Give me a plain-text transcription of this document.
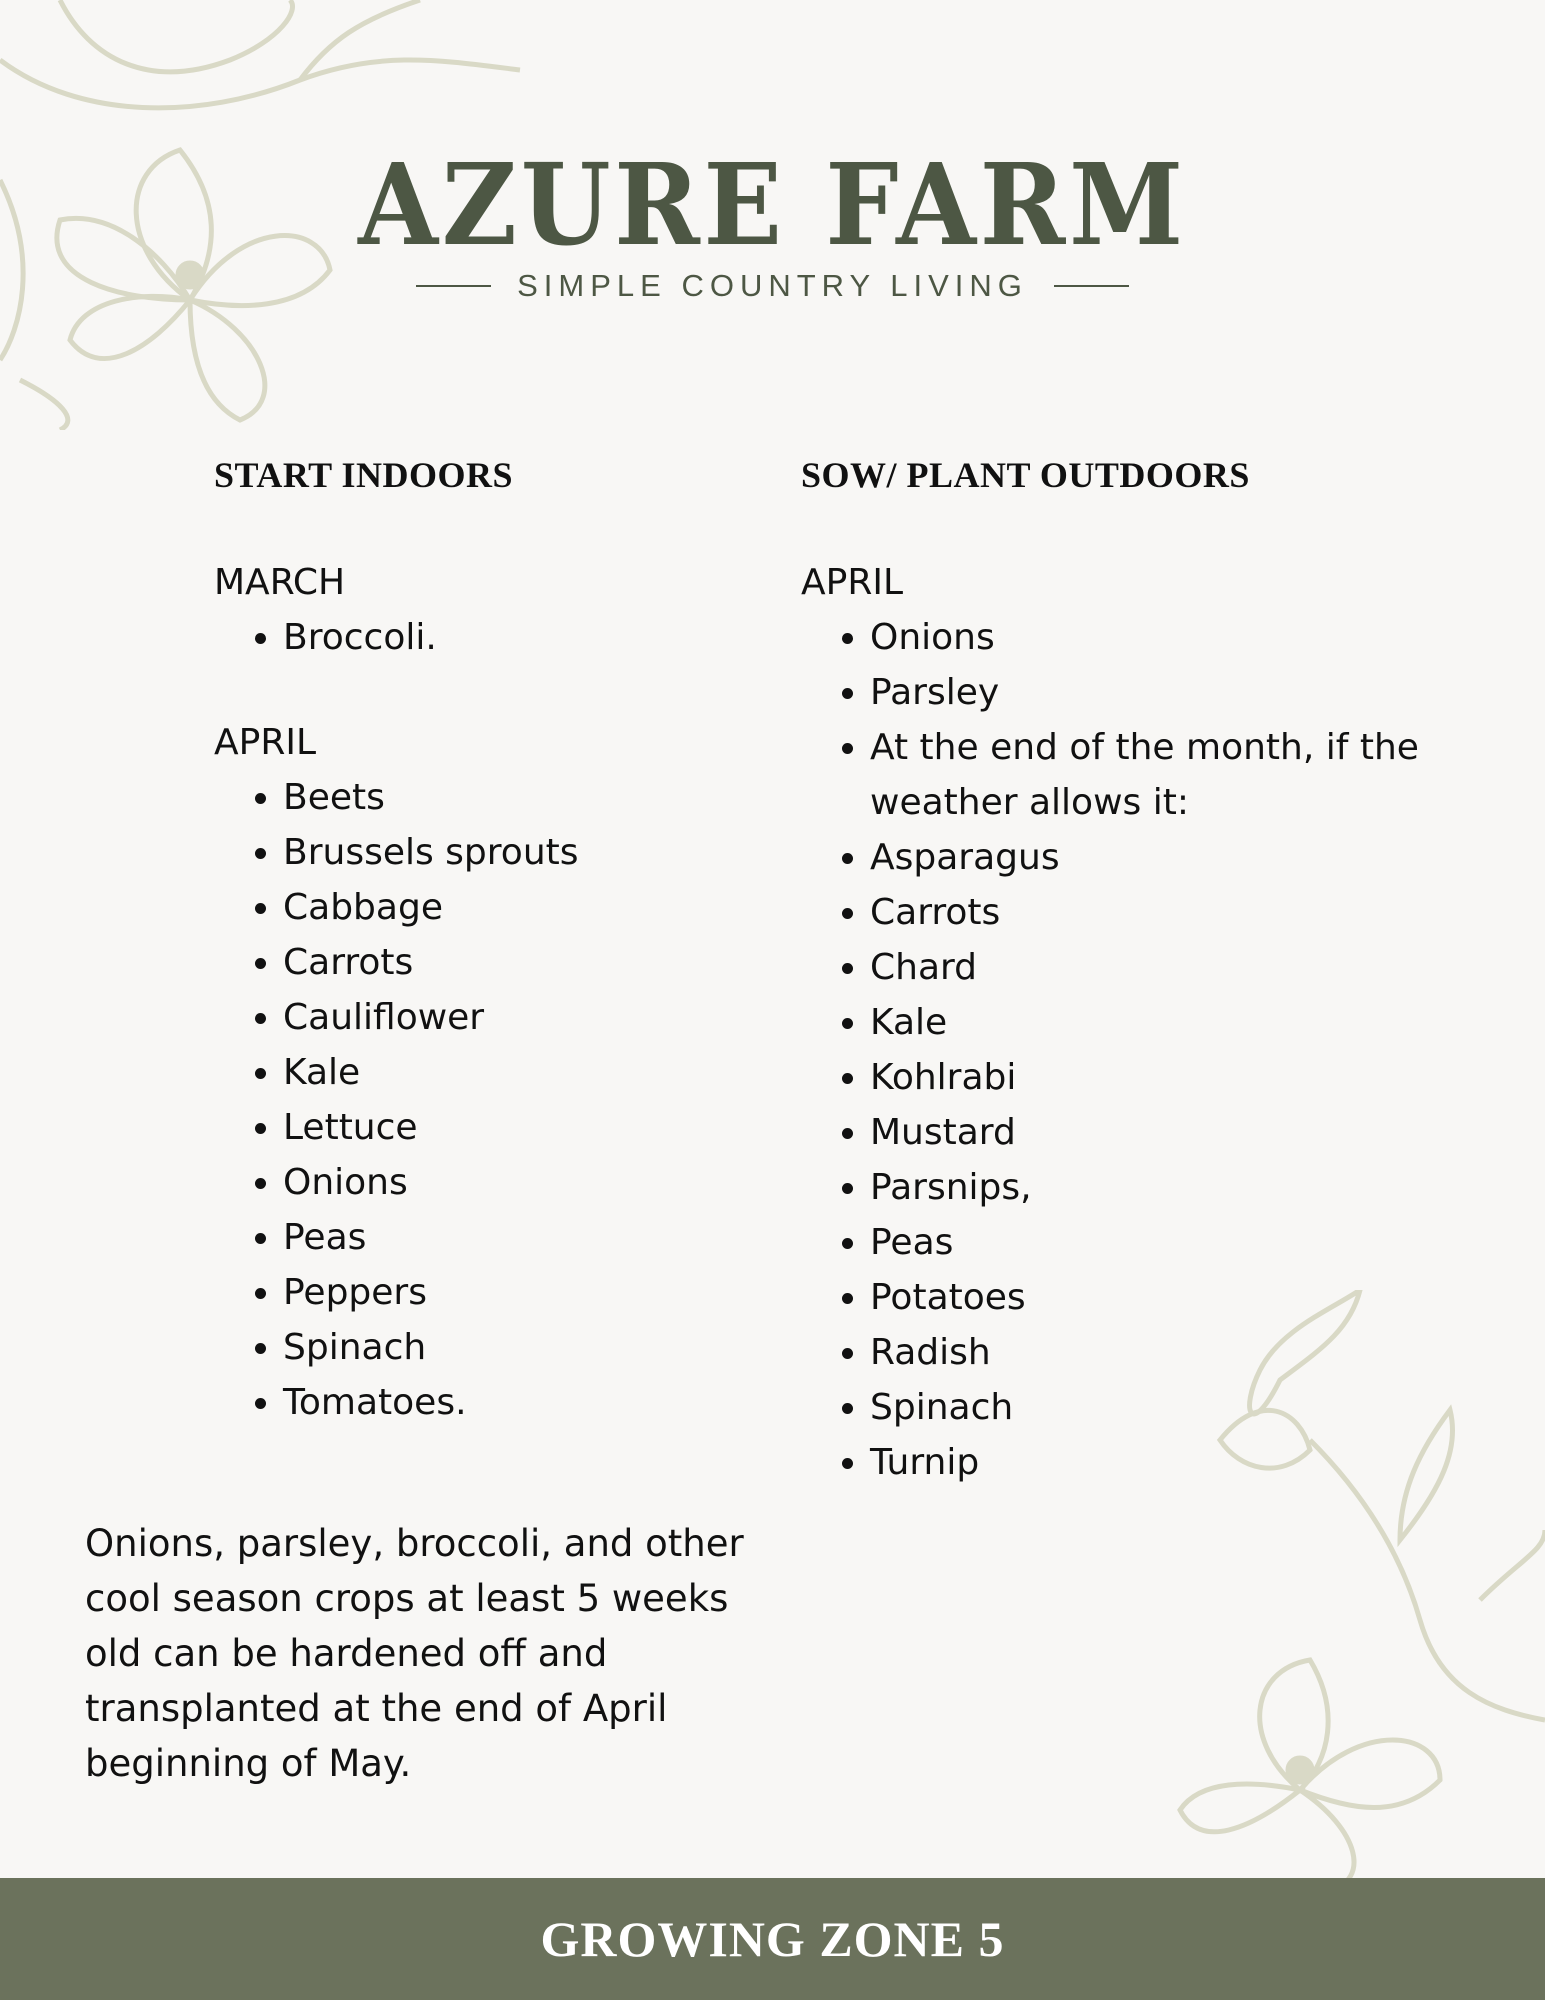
AZURE FARM
SIMPLE COUNTRY LIVING
START INDOORS
MARCH
• Broccoli.
APRIL
• Beets
• Brussels sprouts
• Cabbage
• Carrots
• Cauliflower
• Kale
• Lettuce
• Onions
• Peas
• Peppers
• Spinach
• Tomatoes.
SOW/ PLANT OUTDOORS
APRIL
• Onions
• Parsley
• At the end of the month, if the weather allows it:
• Asparagus
• Carrots
• Chard
• Kale
• Kohlrabi
• Mustard
• Parsnips,
• Peas
• Potatoes
• Radish
• Spinach
• Turnip
Onions, parsley, broccoli, and other cool season crops at least 5 weeks old can be hardened off and transplanted at the end of April beginning of May.
GROWING ZONE 5
